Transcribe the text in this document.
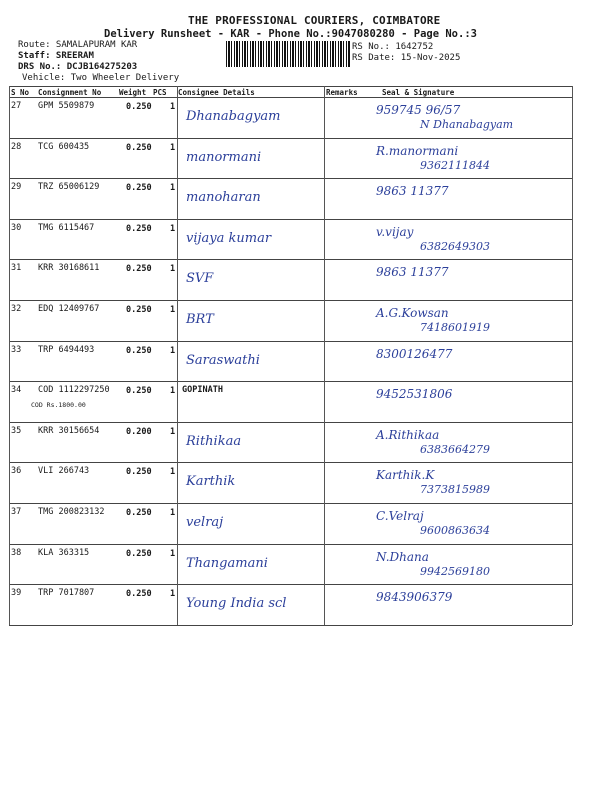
THE PROFESSIONAL COURIERS, COIMBATORE
Delivery Runsheet - KAR - Phone No.:9047080280 - Page No.:3
Route: SAMALAPURAM KAR
Staff: SREERAM
DRS No.: DCJB164275203
Vehicle: Two Wheeler Delivery
RS No.: 1642752
RS Date: 15-Nov-2025
S No Consignment No Weight PCS Consignee Details	Remarks	Seal & Signature
27 GPM 5509879	0.250 1
Dhanabagyam	959745 96/57
N Dhanabagyam
28 TCG 600435	0.250 1
manormani	R.manormani
9362111844
29 TRZ 65006129	0.250 1
manoharan	9863 11377
30 TMG 6115467	0.250 1
vijaya kumar	v.vijay
6382649303
31 KRR 30168611	0.250 1
SVF	9863 11377
32 EDQ 12409767	0.250 1
BRT	A.G.Kowsan
7418601919
33 TRP 6494493	0.250 1
Saraswathi	8300126477
34 COD 1112297250 0.250 1 GOPINATH
COD Rs.1800.00
9452531806
35 KRR 30156654	0.200 1
Rithikaa	A.Rithikaa
6383664279
36 VLI 266743	0.250 1
Karthik	Karthik.K
7373815989
37 TMG 200823132	0.250 1
velraj	C.Velraj
9600863634
38 KLA 363315	0.250 1
Thangamani	N.Dhana
9942569180
39 TRP 7017807	0.250 1
Young India scl	9843906379
